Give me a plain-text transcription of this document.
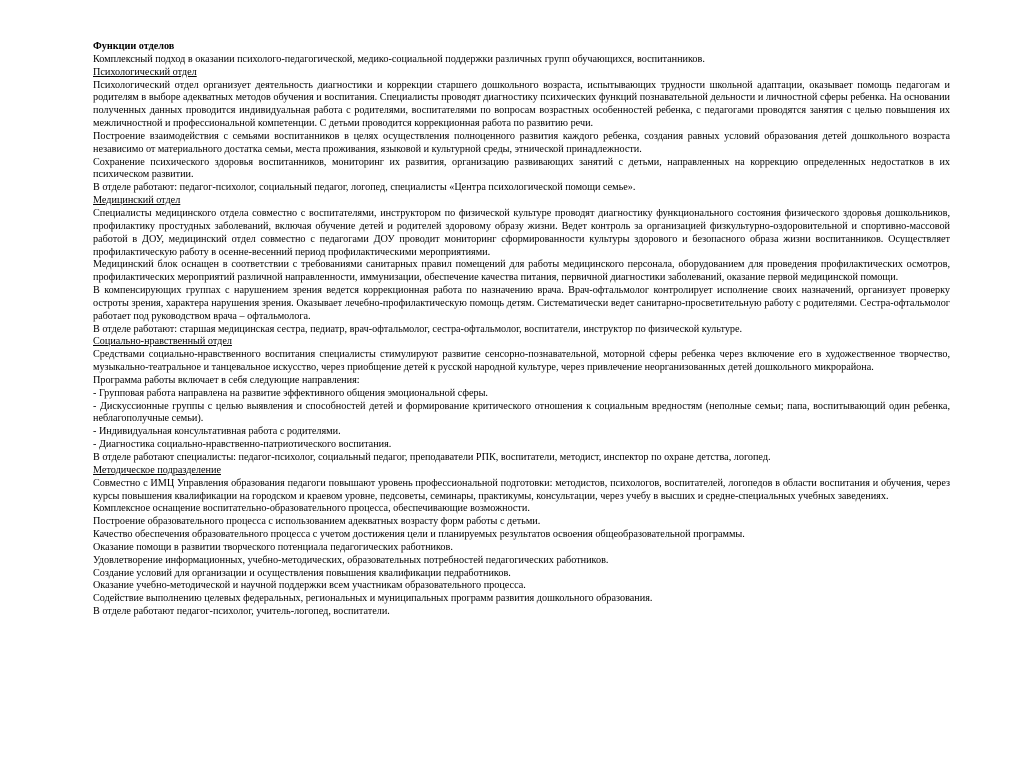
Функции отделов

Комплексный подход в оказании психолого-педагогической, медико-социальной поддержки различных групп обучающихся, воспитанников.

Психологический отдел

Психологический отдел организует деятельность диагностики и коррекции старшего дошкольного возраста, испытывающих трудности школьной адаптации, оказывает помощь педагогам и родителям в выборе адекватных методов обучения и воспитания. Специалисты проводят диагностику психических функций познавательной дельности и личностной сферы ребенка. На основании полученных данных проводится индивидуальная работа с родителями, воспитателями по вопросам возрастных особенностей ребенка, с педагогами проводятся занятия с целью повышения их межличностной и профессиональной компетенции. С детьми проводится коррекционная работа по развитию речи.

Построение взаимодействия с семьями воспитанников в целях осуществления полноценного развития каждого ребенка, создания равных условий образования детей дошкольного возраста независимо от материального достатка семьи, места проживания, языковой и культурной среды, этнической принадлежности.

Сохранение психического здоровья воспитанников, мониторинг их развития, организацию развивающих занятий с детьми, направленных на коррекцию определенных недостатков в их психическом развитии.

В отделе работают: педагог-психолог, социальный педагог, логопед, специалисты «Центра психологической помощи семье».

Медицинский отдел

Специалисты медицинского отдела совместно с воспитателями, инструктором по физической культуре проводят диагностику функционального состояния физического здоровья дошкольников, профилактику простудных заболеваний, включая обучение детей и родителей здоровому образу жизни. Ведет контроль за организацией физкультурно-оздоровительной и спортивно-массовой работой в ДОУ, медицинский отдел совместно с педагогами ДОУ проводит мониторинг сформированности культуры здорового и безопасного образа жизни воспитанников. Осуществляет профилактическую работу в осенне-весенний период профилактическими мероприятиями.

Медицинский блок оснащен в соответствии с требованиями санитарных правил помещений для работы медицинского персонала, оборудованием для проведения профилактических осмотров, профилактических мероприятий различной направленности, иммунизации, обеспечение качества питания, первичной диагностики заболеваний, оказание первой медицинской помощи.

В компенсирующих группах с нарушением зрения ведется коррекционная работа по назначению врача. Врач-офтальмолог контролирует исполнение своих назначений, организует проверку остроты зрения, характера нарушения зрения. Оказывает лечебно-профилактическую помощь детям. Систематически ведет санитарно-просветительную работу с родителями. Сестра-офтальмолог работает под руководством врача – офтальмолога.

В отделе работают: старшая медицинская сестра, педиатр, врач-офтальмолог, сестра-офтальмолог, воспитатели, инструктор по физической культуре.

Социально-нравственный отдел

Средствами социально-нравственного воспитания специалисты стимулируют развитие сенсорно-познавательной, моторной сферы ребенка через включение его в художественное творчество, музыкально-театральное и танцевальное искусство, через приобщение детей к русской народной культуре, через привлечение неорганизованных детей дошкольного микрорайона.

Программа работы включает в себя следующие направления:

- Групповая работа направлена на развитие эффективного общения эмоциональной сферы.

- Дискуссионные группы с целью выявления и способностей детей и формирование критического отношения к социальным вредностям (неполные семьи; папа, воспитывающий один ребенка, неблагополучные семьи).

- Индивидуальная консультативная работа с родителями.

- Диагностика социально-нравственно-патриотического воспитания.

В отделе работают специалисты: педагог-психолог, социальный педагог, преподаватели РПК, воспитатели, методист, инспектор по охране детства, логопед.

Методическое подразделение

Совместно с ИМЦ Управления образования педагоги повышают уровень профессиональной подготовки: методистов, психологов, воспитателей, логопедов в области воспитания и обучения, через курсы повышения квалификации на городском и краевом уровне, педсоветы, семинары, практикумы, консультации, через учебу в высших и средне-специальных учебных заведениях.

Комплексное оснащение воспитательно-образовательного процесса, обеспечивающие возможности.

Построение образовательного процесса с использованием адекватных возрасту форм работы с детьми.

Качество обеспечения образовательного процесса с учетом достижения цели и планируемых результатов освоения общеобразовательной программы.

Оказание помощи в развитии творческого потенциала педагогических работников.

Удовлетворение информационных, учебно-методических, образовательных потребностей педагогических работников.

Создание условий для организации и осуществления повышения квалификации педработников.

Оказание учебно-методической и научной поддержки всем участникам образовательного процесса.

Содействие выполнению целевых федеральных, региональных и муниципальных программ развития дошкольного образования.

В отделе работают педагог-психолог, учитель-логопед, воспитатели.
